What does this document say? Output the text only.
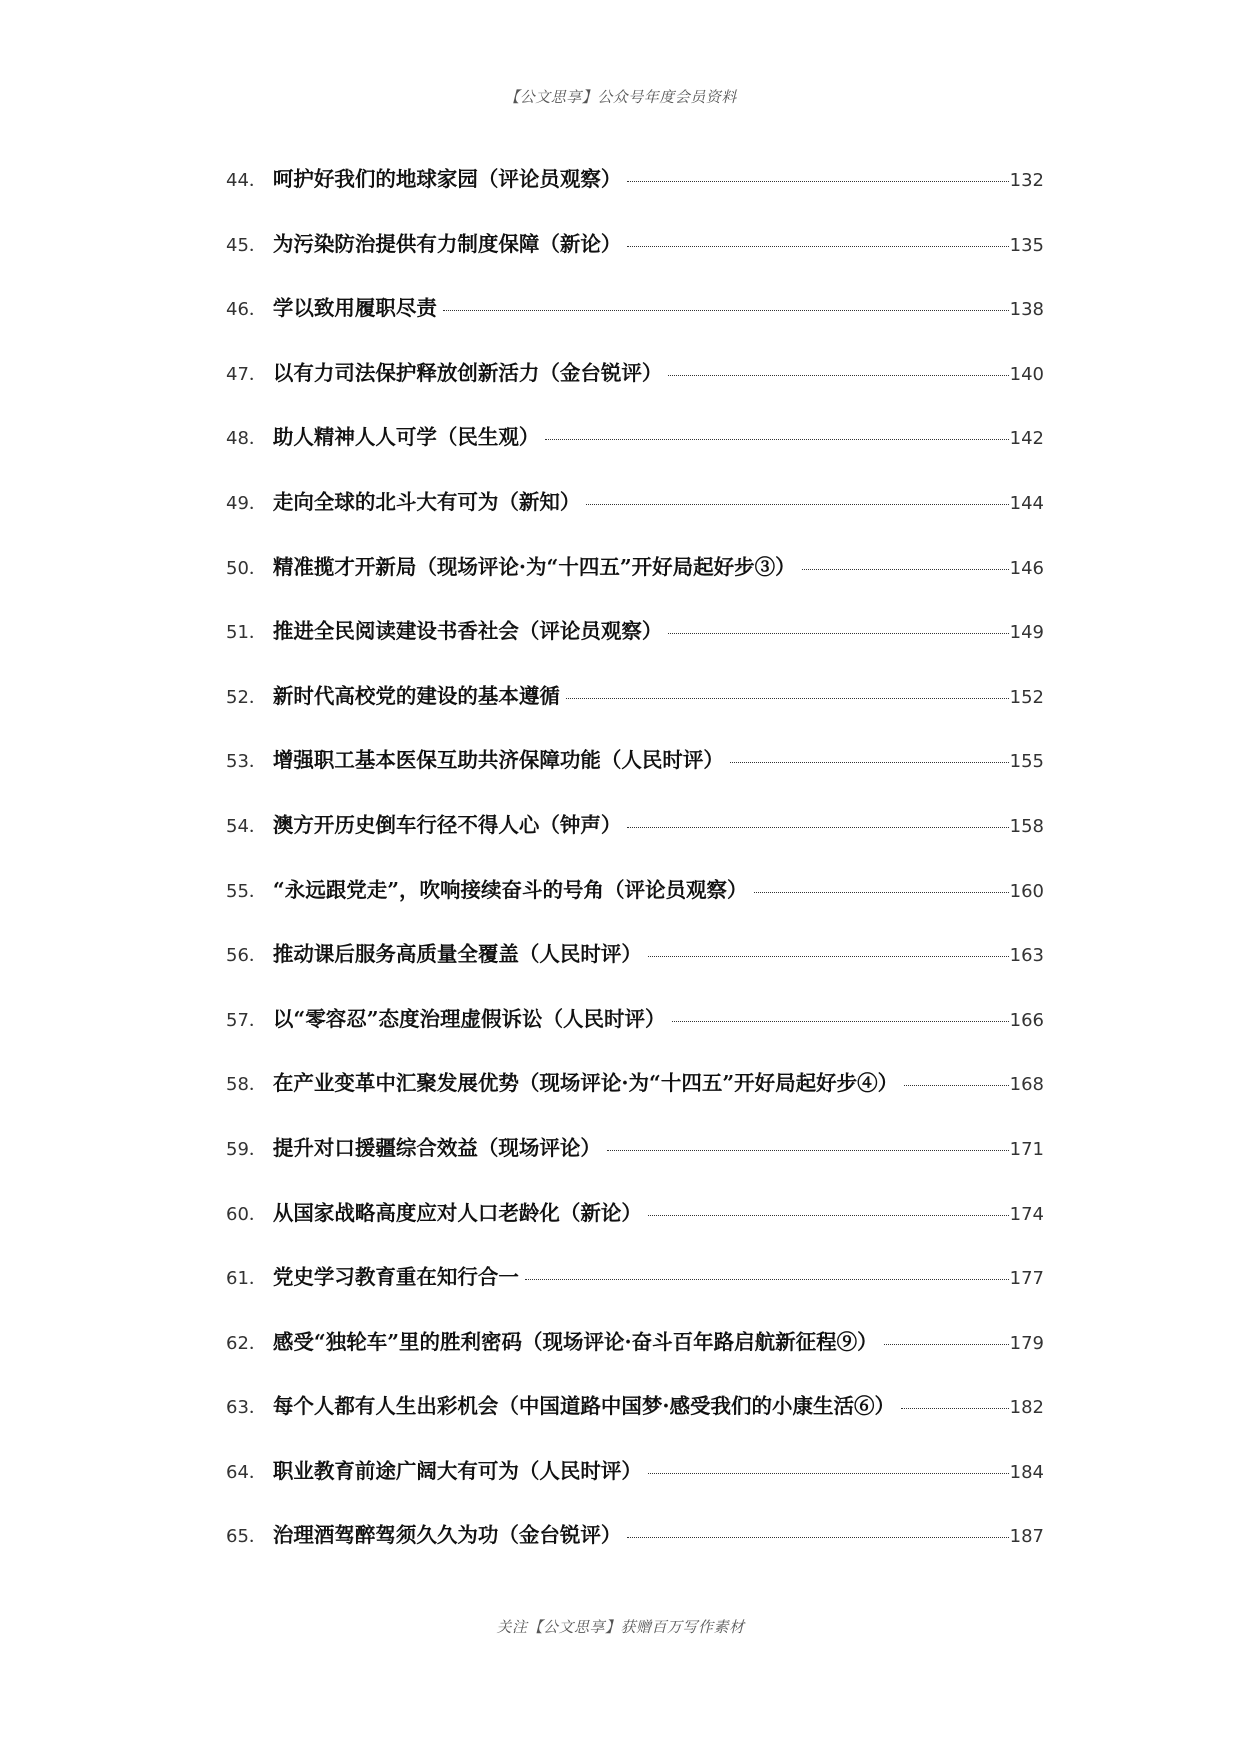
【公文思享】公众号年度会员资料
44． 呵护好我们的地球家园（评论员观察）	132
45． 为污染防治提供有力制度保障（新论）	135
46． 学以致用履职尽责	138
47． 以有力司法保护释放创新活力（金台锐评）	140
48． 助人精神人人可学（民生观）	142
49． 走向全球的北斗大有可为（新知）	144
50． 精准揽才开新局（现场评论·为“十四五”开好局起好步③）	146
51． 推进全民阅读建设书香社会（评论员观察）	149
52． 新时代高校党的建设的基本遵循	152
53． 增强职工基本医保互助共济保障功能（人民时评）	155
54． 澳方开历史倒车行径不得人心（钟声）	158
55． “永远跟党走”，吹响接续奋斗的号角（评论员观察）	160
56． 推动课后服务高质量全覆盖（人民时评）	163
57． 以“零容忍”态度治理虚假诉讼（人民时评）	166
58． 在产业变革中汇聚发展优势（现场评论·为“十四五”开好局起好步④）	168
59． 提升对口援疆综合效益（现场评论）	171
60． 从国家战略高度应对人口老龄化（新论）	174
61． 党史学习教育重在知行合一	177
62． 感受“独轮车”里的胜利密码（现场评论·奋斗百年路启航新征程⑨）	179
63． 每个人都有人生出彩机会（中国道路中国梦·感受我们的小康生活⑥）	182
64． 职业教育前途广阔大有可为（人民时评）	184
65． 治理酒驾醉驾须久久为功（金台锐评）	187
关注【公文思享】获赠百万写作素材
